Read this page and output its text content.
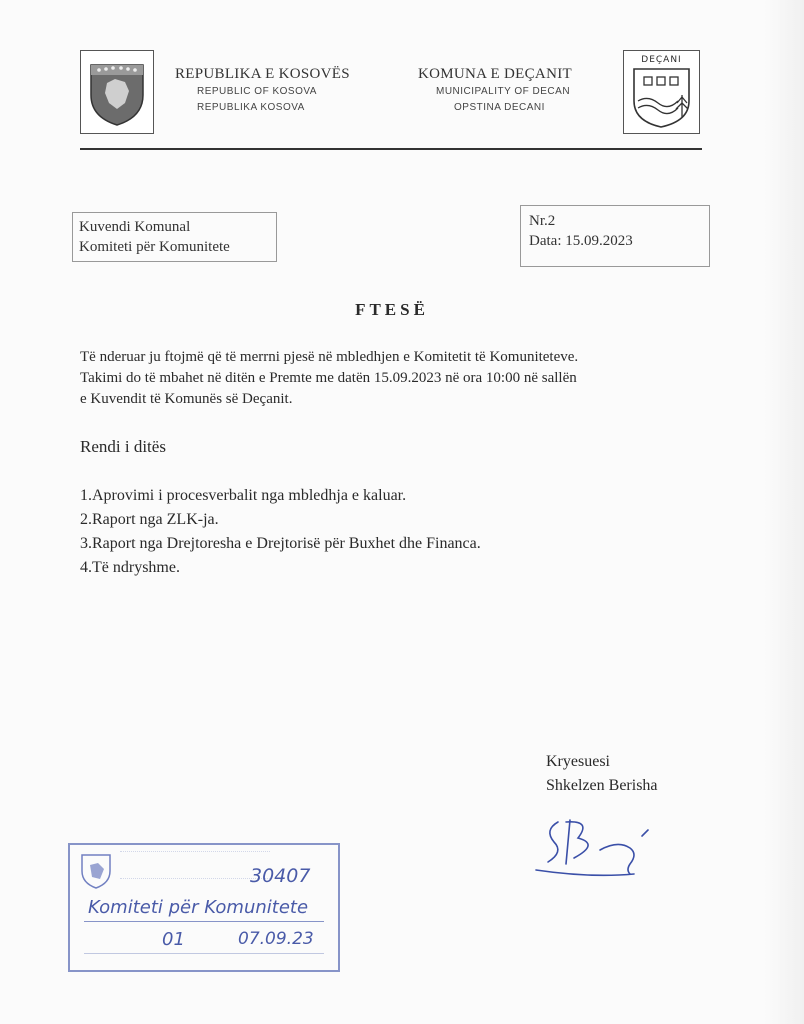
REPUBLIKA E KOSOVËS
REPUBLIC OF KOSOVA
REPUBLIKA KOSOVA
KOMUNA E DEÇANIT
MUNICIPALITY OF DECAN
OPSTINA DECANI
DEÇANI
Kuvendi Komunal
Komiteti për Komunitete
Nr.2
Data: 15.09.2023
FTESË
Të nderuar ju ftojmë që të merrni pjesë në mbledhjen e Komitetit të Komuniteteve.
Takimi do të mbahet në ditën e Premte me datën 15.09.2023 në ora 10:00 në sallën
e Kuvendit të Komunës së Deçanit.
Rendi i ditës
1.Aprovimi i procesverbalit nga mbledhja e kaluar.
2.Raport nga ZLK-ja.
3.Raport nga Drejtoresha e Drejtorisë për Buxhet dhe Financa.
4.Të ndryshme.
Kryesuesi
Shkelzen Berisha
30407
Komiteti për Komunitete
01	07.09.23
